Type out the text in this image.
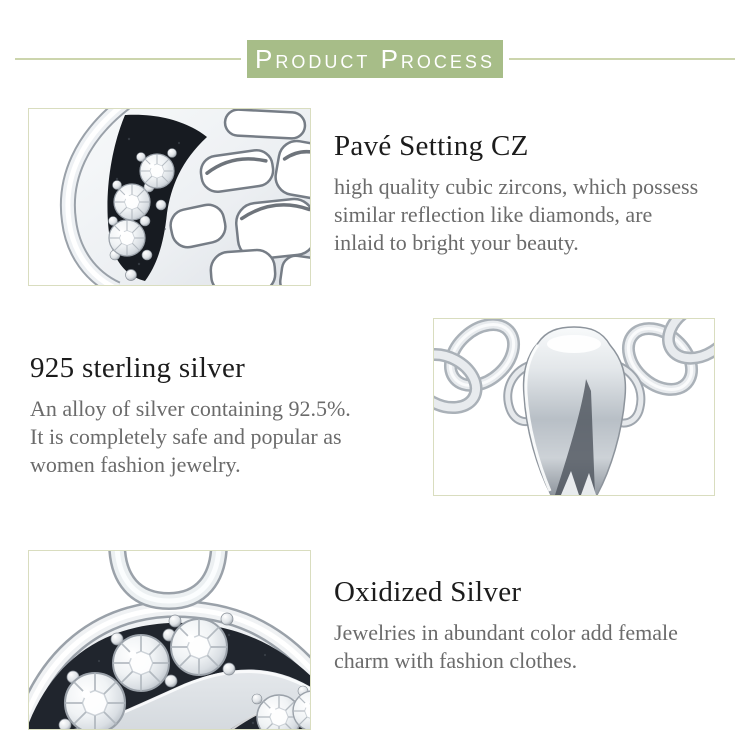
Product Process
Pavé Setting CZ
high quality cubic zircons, which possess
similar reflection like diamonds, are
inlaid to bright your beauty.
925 sterling silver
An alloy of silver containing 92.5%.
It is completely safe and popular as
women fashion jewelry.
Oxidized Silver
Jewelries in abundant color add female
charm with fashion clothes.
